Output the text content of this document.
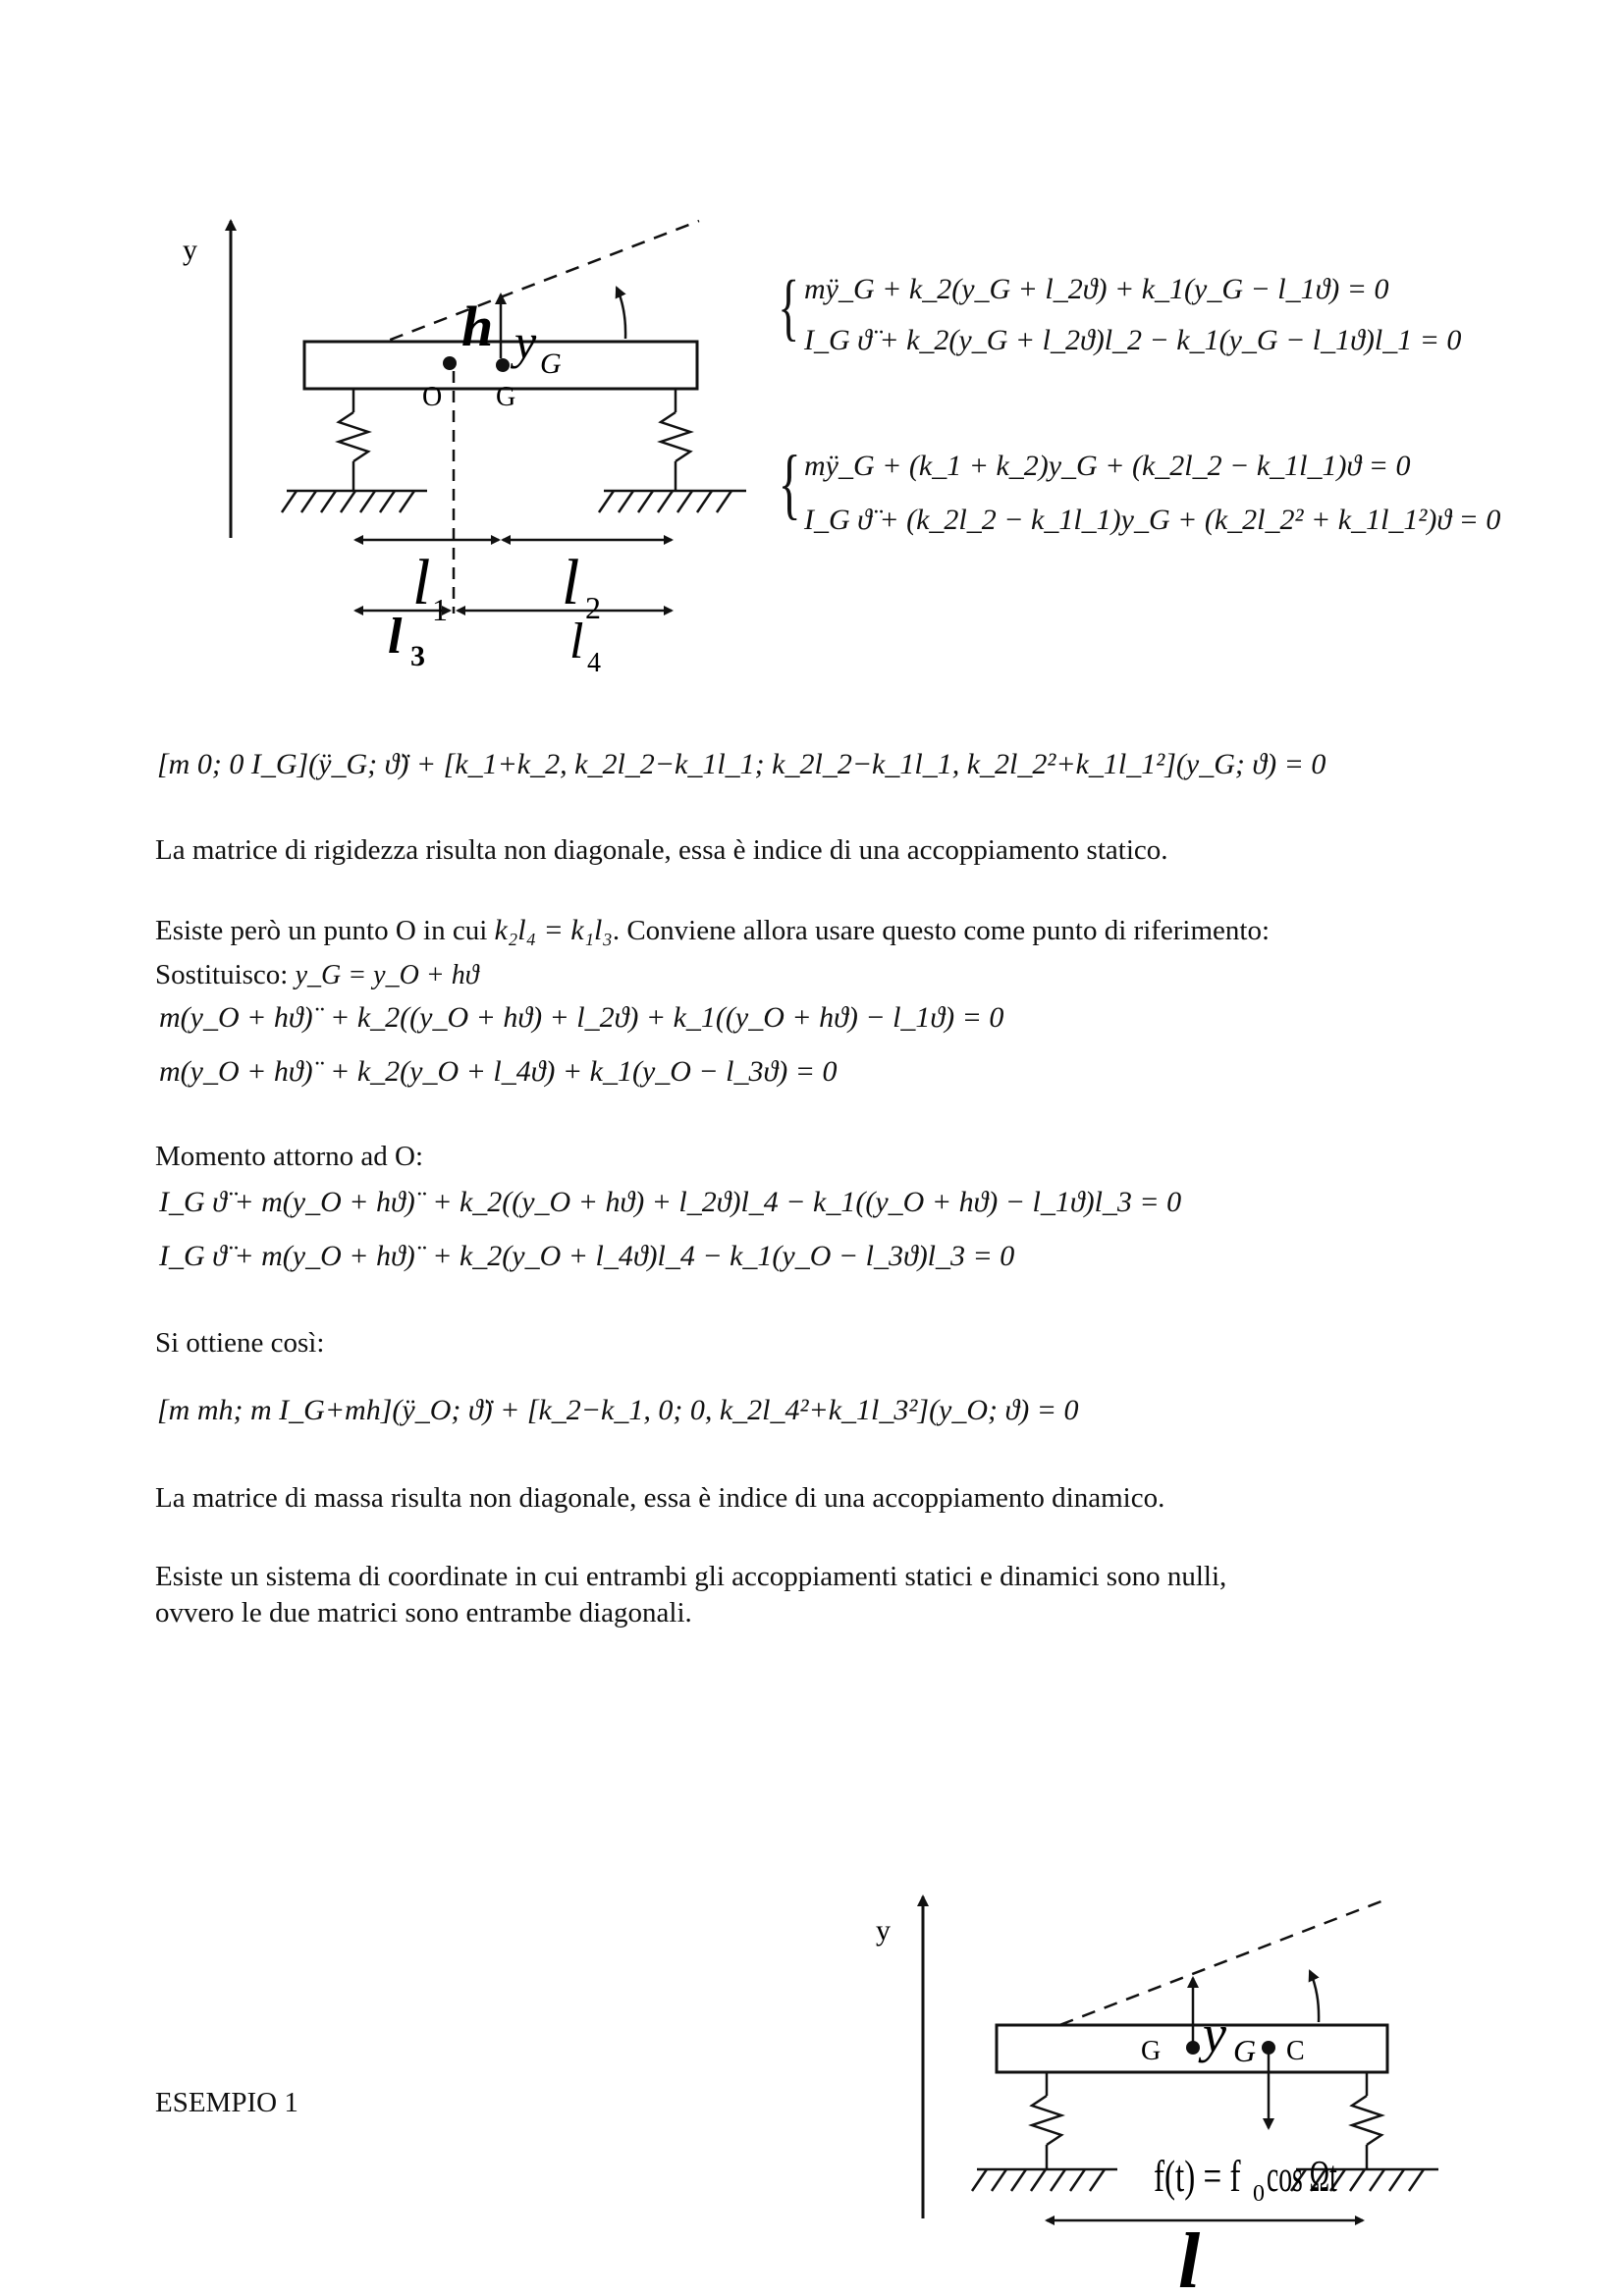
y
O G
h y G
l 1 l 2
l 3	l 4
{ mÿ_G + k_2(y_G + l_2ϑ) + k_1(y_G − l_1ϑ) = 0
I_G ϑ̈ + k_2(y_G + l_2ϑ)l_2 − k_1(y_G − l_1ϑ)l_1 = 0
{ mÿ_G + (k_1 + k_2)y_G + (k_2l_2 − k_1l_1)ϑ = 0
I_G ϑ̈ + (k_2l_2 − k_1l_1)y_G + (k_2l_2² + k_1l_1²)ϑ = 0
[m 0; 0 I_G](ÿ_G; ϑ̈) + [k_1+k_2, k_2l_2−k_1l_1; k_2l_2−k_1l_1, k_2l_2²+k_1l_1²](y_G; ϑ) = 0
La matrice di rigidezza risulta non diagonale, essa è indice di una accoppiamento statico.
Esiste però un punto O in cui k₂l₄ = k₁l₃. Conviene allora usare questo come punto di riferimento:
Sostituisco: y_G = y_O + hϑ
m(y_O + hϑ)¨ + k_2((y_O + hϑ) + l_2ϑ) + k_1((y_O + hϑ) − l_1ϑ) = 0
m(y_O + hϑ)¨ + k_2(y_O + l_4ϑ) + k_1(y_O − l_3ϑ) = 0
Momento attorno ad O:
I_G ϑ̈ + m(y_O + hϑ)¨ + k_2((y_O + hϑ) + l_2ϑ)l_4 − k_1((y_O + hϑ) − l_1ϑ)l_3 = 0
I_G ϑ̈ + m(y_O + hϑ)¨ + k_2(y_O + l_4ϑ)l_4 − k_1(y_O − l_3ϑ)l_3 = 0
Si ottiene così:
[m mh; m I_G+mh](ÿ_O; ϑ̈) + [k_2−k_1, 0; 0, k_2l_4²+k_1l_3²](y_O; ϑ) = 0
La matrice di massa risulta non diagonale, essa è indice di una accoppiamento dinamico.
Esiste un sistema di coordinate in cui entrambi gli accoppiamenti statici e dinamici sono nulli,
ovvero le due matrici sono entrambe diagonali.
ESEMPIO 1
y
G	C
y G
f(t) = f 0 cos Ωt
l
